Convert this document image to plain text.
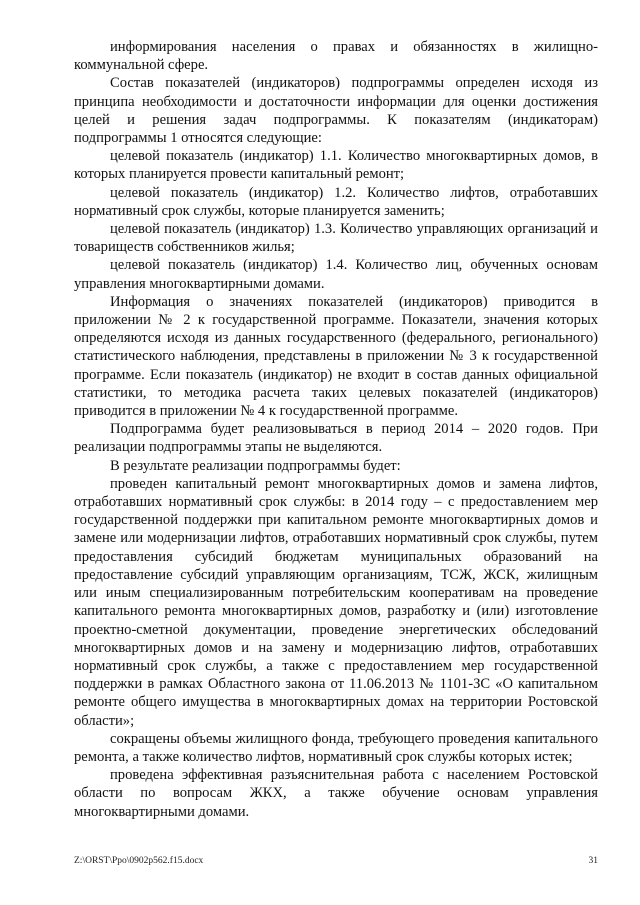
информирования населения о правах и обязанностях в жилищно-коммунальной сфере.

Состав показателей (индикаторов) подпрограммы определен исходя из принципа необходимости и достаточности информации для оценки достижения целей и решения задач подпрограммы. К показателям (индикаторам) подпрограммы 1 относятся следующие:

целевой показатель (индикатор) 1.1. Количество многоквартирных домов, в которых планируется провести капитальный ремонт;

целевой показатель (индикатор) 1.2. Количество лифтов, отработавших нормативный срок службы, которые планируется заменить;

целевой показатель (индикатор) 1.3. Количество управляющих организаций и товариществ собственников жилья;

целевой показатель (индикатор) 1.4. Количество лиц, обученных основам управления многоквартирными домами.

Информация о значениях показателей (индикаторов) приводится в приложении № 2 к государственной программе. Показатели, значения которых определяются исходя из данных государственного (федерального, регионального) статистического наблюдения, представлены в приложении № 3 к государственной программе. Если показатель (индикатор) не входит в состав данных официальной статистики, то методика расчета таких целевых показателей (индикаторов) приводится в приложении № 4 к государственной программе.

Подпрограмма будет реализовываться в период 2014 – 2020 годов. При реализации подпрограммы этапы не выделяются.

В результате реализации подпрограммы будет:

проведен капитальный ремонт многоквартирных домов и замена лифтов, отработавших нормативный срок службы: в 2014 году – с предоставлением мер государственной поддержки при капитальном ремонте многоквартирных домов и замене или модернизации лифтов, отработавших нормативный срок службы, путем предоставления субсидий бюджетам муниципальных образований на предоставление субсидий управляющим организациям, ТСЖ, ЖСК, жилищным или иным специализированным потребительским кооперативам на проведение капитального ремонта многоквартирных домов, разработку и (или) изготовление проектно-сметной документации, проведение энергетических обследований многоквартирных домов и на замену и модернизацию лифтов, отработавших нормативный срок службы, а также с предоставлением мер государственной поддержки в рамках Областного закона от 11.06.2013 № 1101-ЗС «О капитальном ремонте общего имущества в многоквартирных домах на территории Ростовской области»;

сокращены объемы жилищного фонда, требующего проведения капитального ремонта, а также количество лифтов, нормативный срок службы которых истек;

проведена эффективная разъяснительная работа с населением Ростовской области по вопросам ЖКХ, а также обучение основам управления многоквартирными домами.

Z:\ORST\Ppo\0902p562.f15.docx	31
